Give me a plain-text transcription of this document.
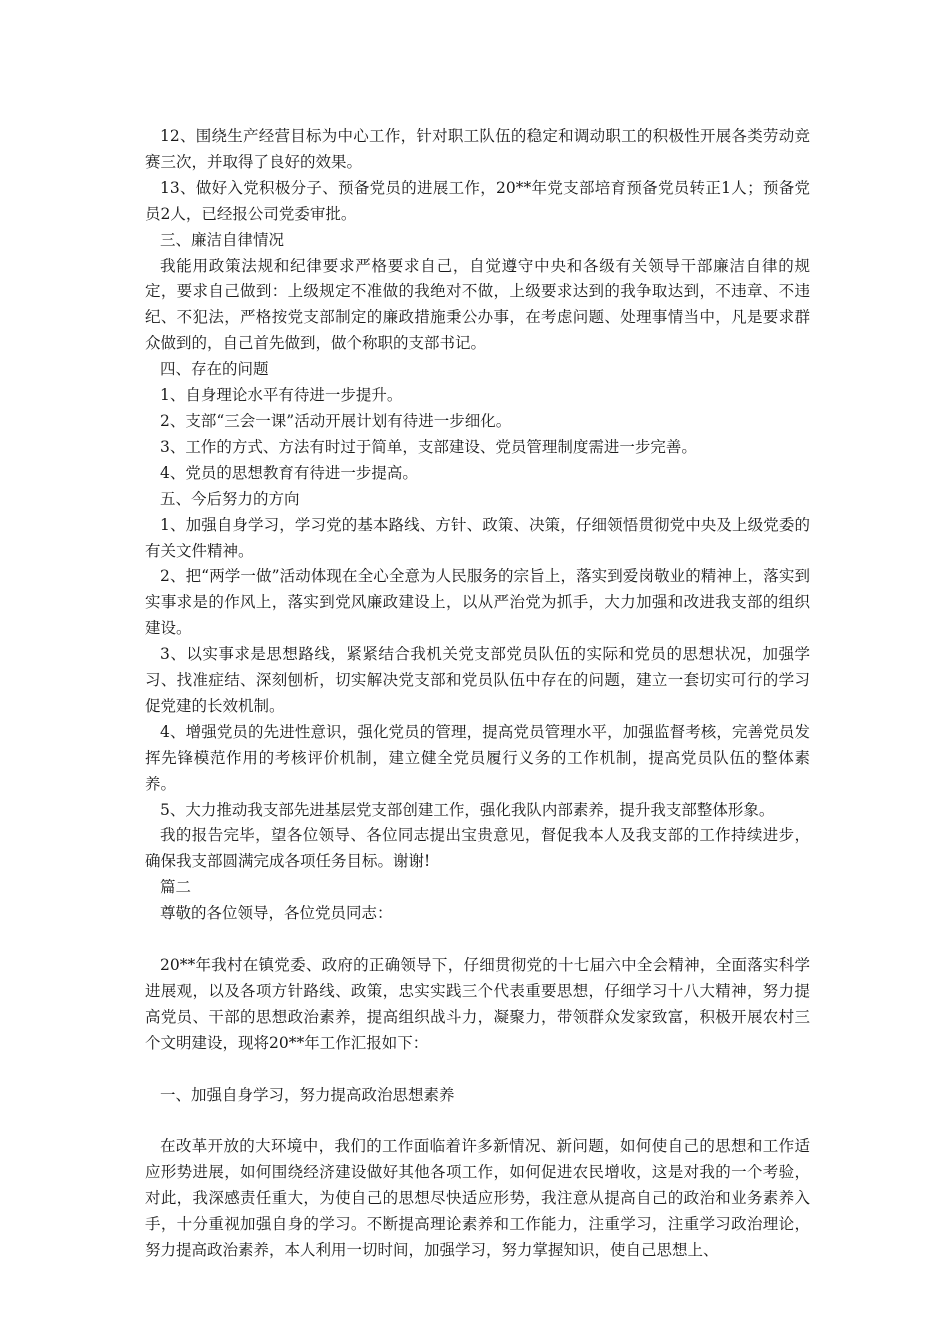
12、围绕生产经营目标为中心工作，针对职工队伍的稳定和调动职工的积极性开展各类劳动竞赛三次，并取得了良好的效果。

13、做好入党积极分子、预备党员的进展工作，20**年党支部培育预备党员转正1人；预备党员2人，已经报公司党委审批。

三、廉洁自律情况

我能用政策法规和纪律要求严格要求自己，自觉遵守中央和各级有关领导干部廉洁自律的规定，要求自己做到：上级规定不准做的我绝对不做，上级要求达到的我争取达到，不违章、不违纪、不犯法，严格按党支部制定的廉政措施秉公办事，在考虑问题、处理事情当中，凡是要求群众做到的，自己首先做到，做个称职的支部书记。

四、存在的问题

1、自身理论水平有待进一步提升。

2、支部“三会一课”活动开展计划有待进一步细化。

3、工作的方式、方法有时过于简单，支部建设、党员管理制度需进一步完善。

4、党员的思想教育有待进一步提高。

五、今后努力的方向

1、加强自身学习，学习党的基本路线、方针、政策、决策，仔细领悟贯彻党中央及上级党委的有关文件精神。

2、把“两学一做”活动体现在全心全意为人民服务的宗旨上，落实到爱岗敬业的精神上，落实到实事求是的作风上，落实到党风廉政建设上，以从严治党为抓手，大力加强和改进我支部的组织建设。

3、以实事求是思想路线，紧紧结合我机关党支部党员队伍的实际和党员的思想状况，加强学习、找准症结、深刻刨析，切实解决党支部和党员队伍中存在的问题，建立一套切实可行的学习促党建的长效机制。

4、增强党员的先进性意识，强化党员的管理，提高党员管理水平，加强监督考核，完善党员发挥先锋模范作用的考核评价机制，建立健全党员履行义务的工作机制，提高党员队伍的整体素养。

5、大力推动我支部先进基层党支部创建工作，强化我队内部素养，提升我支部整体形象。

我的报告完毕，望各位领导、各位同志提出宝贵意见，督促我本人及我支部的工作持续进步，确保我支部圆满完成各项任务目标。谢谢!

篇二

尊敬的各位领导，各位党员同志：

20**年我村在镇党委、政府的正确领导下，仔细贯彻党的十七届六中全会精神，全面落实科学进展观，以及各项方针路线、政策，忠实实践三个代表重要思想，仔细学习十八大精神，努力提高党员、干部的思想政治素养，提高组织战斗力，凝聚力，带领群众发家致富，积极开展农村三个文明建设，现将20**年工作汇报如下：

一、加强自身学习，努力提高政治思想素养

在改革开放的大环境中，我们的工作面临着许多新情况、新问题，如何使自己的思想和工作适应形势进展，如何围绕经济建设做好其他各项工作，如何促进农民增收，这是对我的一个考验，对此，我深感责任重大，为使自己的思想尽快适应形势，我注意从提高自己的政治和业务素养入手，十分重视加强自身的学习。不断提高理论素养和工作能力，注重学习，注重学习政治理论，努力提高政治素养，本人利用一切时间，加强学习，努力掌握知识，使自己思想上、
